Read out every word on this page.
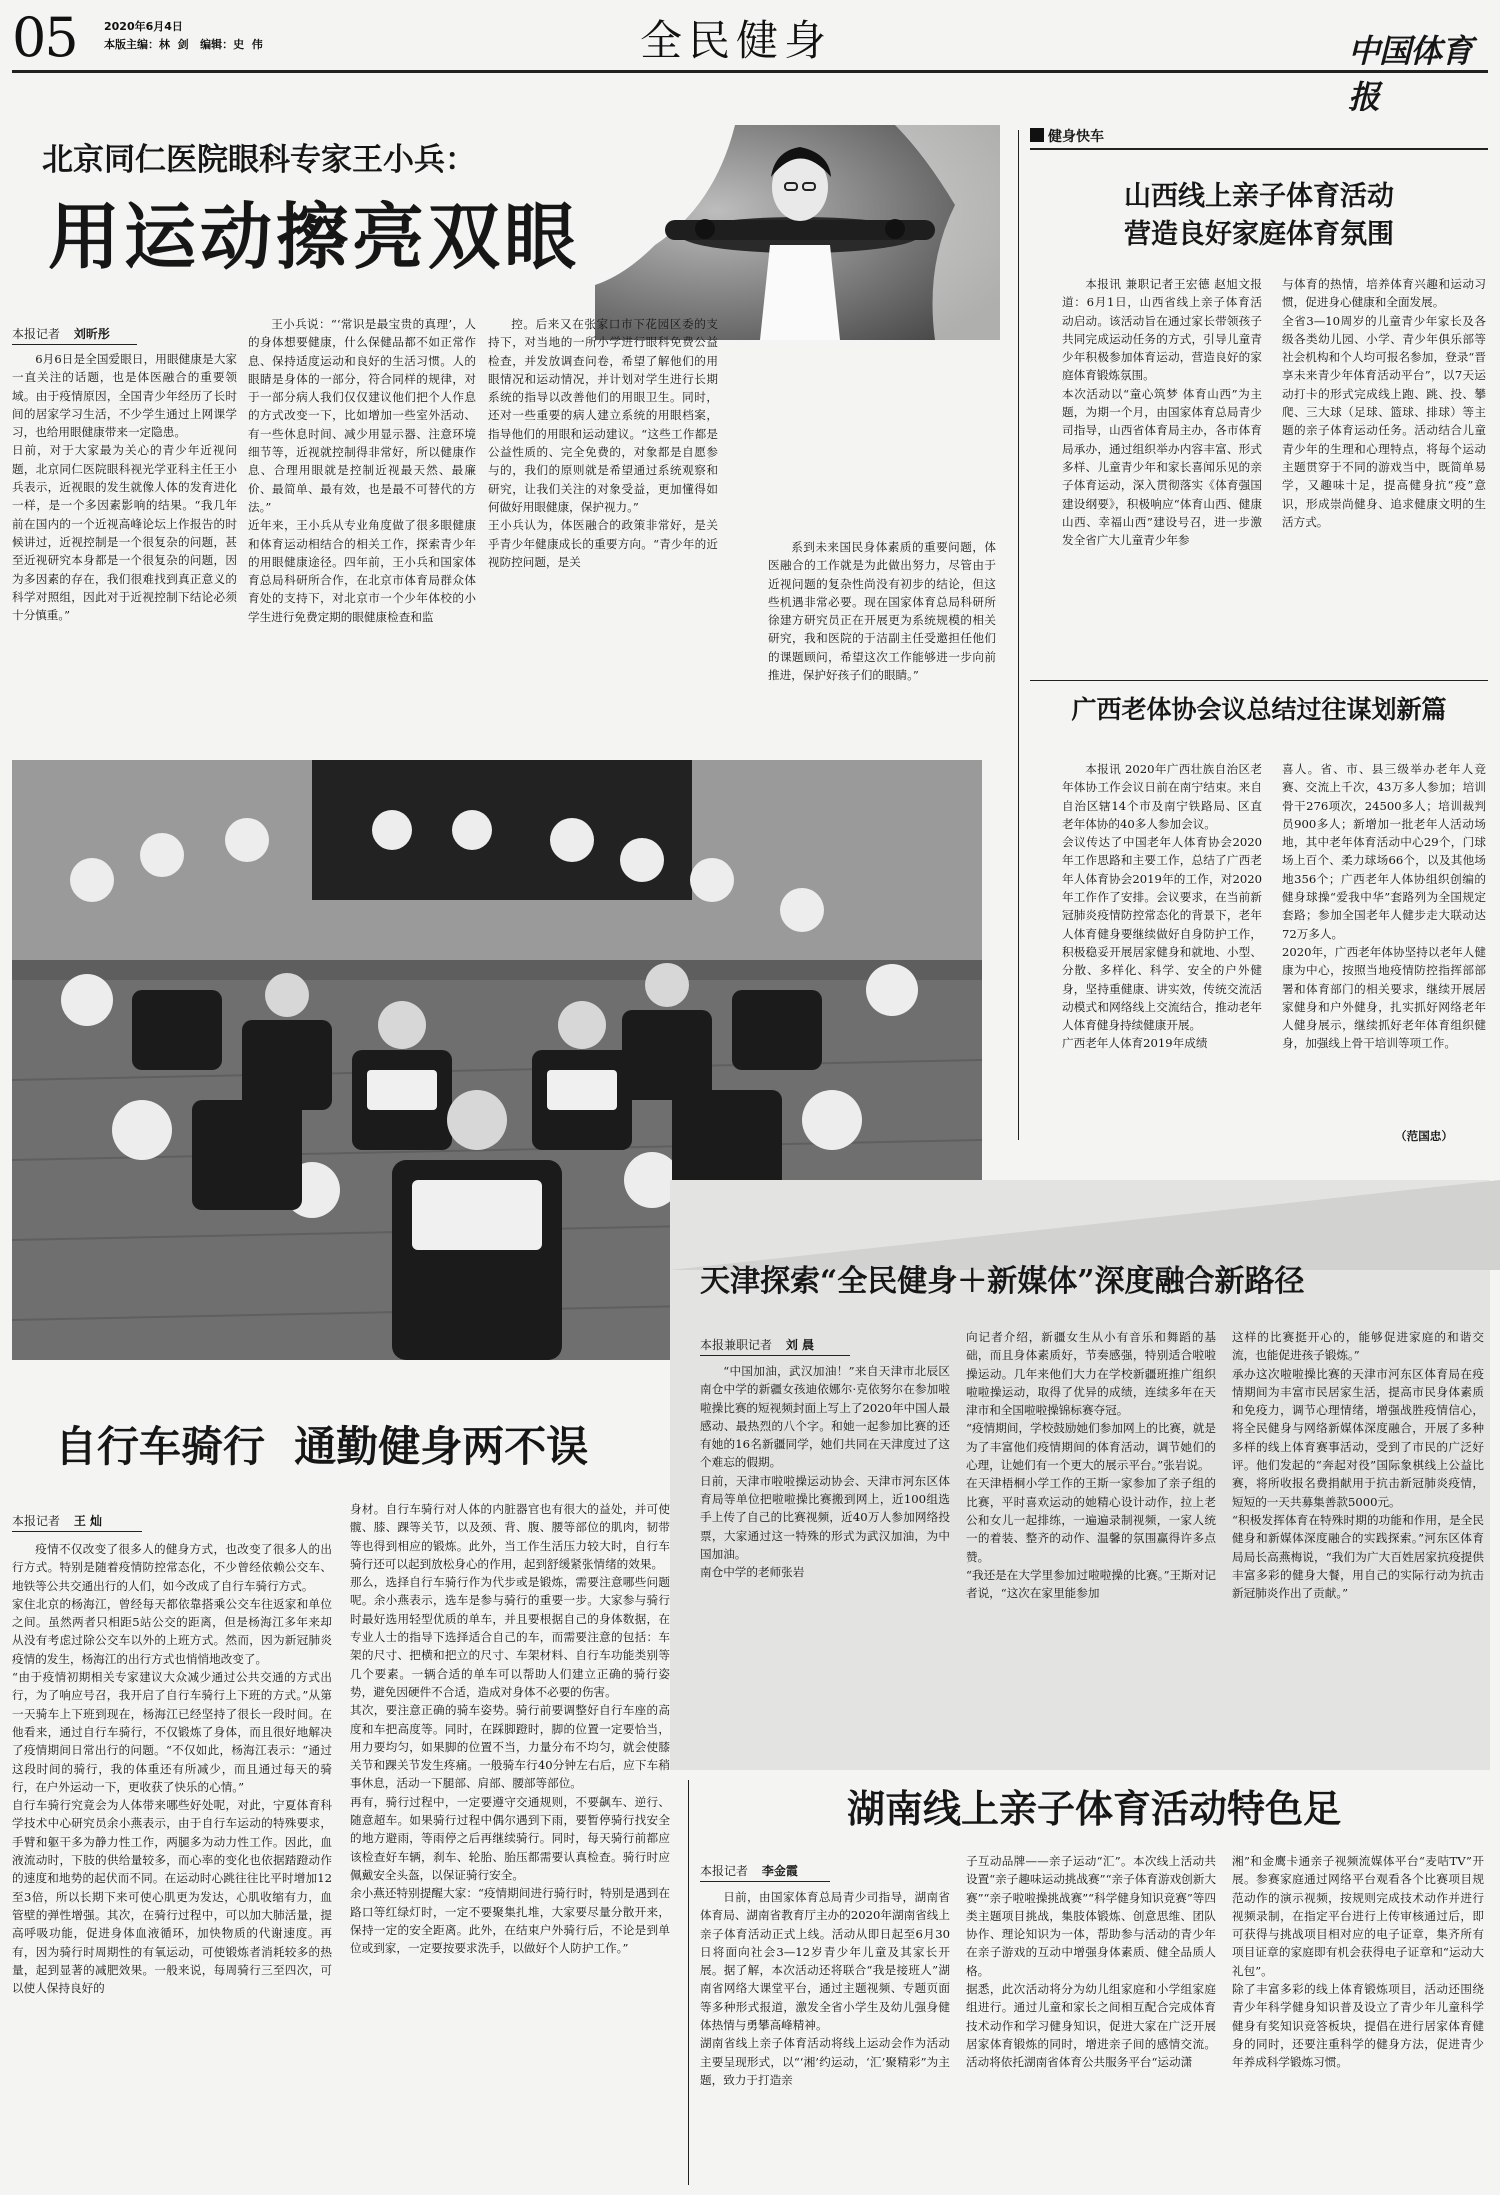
05 2020年6月4日
本版主编：林  剑   编辑：史  伟	全民健身	中国体育报
北京同仁医院眼科专家王小兵：
用运动擦亮双眼
本报记者 刘昕彤
6月6日是全国爱眼日，用眼健康是大家一直关注的话题，也是体医融合的重要领域。由于疫情原因，全国青少年经历了长时间的居家学习生活，不少学生通过上网课学习，也给用眼健康带来一定隐患。
日前，对于大家最为关心的青少年近视问题，北京同仁医院眼科视光学亚科主任王小兵表示，近视眼的发生就像人体的发育进化一样，是一个多因素影响的结果。“我几年前在国内的一个近视高峰论坛上作报告的时候讲过，近视控制是一个很复杂的问题，甚至近视研究本身都是一个很复杂的问题，因为多因素的存在，我们很难找到真正意义的科学对照组，因此对于近视控制下结论必须十分慎重。”
王小兵说：“‘常识是最宝贵的真理’，人的身体想要健康，什么保健品都不如正常作息、保持适度运动和良好的生活习惯。人的眼睛是身体的一部分，符合同样的规律，对于一部分病人我们仅仅建议他们把个人作息的方式改变一下，比如增加一些室外活动、有一些休息时间、减少用显示器、注意环境细节等，近视就控制得非常好，所以健康作息、合理用眼就是控制近视最天然、最廉价、最简单、最有效，也是最不可替代的方法。”
近年来，王小兵从专业角度做了很多眼健康和体育运动相结合的相关工作，探索青少年的用眼健康途径。四年前，王小兵和国家体育总局科研所合作，在北京市体育局群众体育处的支持下，对北京市一个少年体校的小学生进行免费定期的眼健康检查和监
控。后来又在张家口市下花园区委的支持下，对当地的一所小学进行眼科免费公益检查，并发放调查问卷，希望了解他们的用眼情况和运动情况，并计划对学生进行长期系统的指导以改善他们的用眼卫生。同时，还对一些重要的病人建立系统的用眼档案，指导他们的用眼和运动建议。“这些工作都是公益性质的、完全免费的，对象都是自愿参与的，我们的原则就是希望通过系统观察和研究，让我们关注的对象受益，更加懂得如何做好用眼健康，保护视力。”
王小兵认为，体医融合的政策非常好，是关乎青少年健康成长的重要方向。“青少年的近视防控问题，是关
系到未来国民身体素质的重要问题，体医融合的工作就是为此做出努力，尽管由于近视问题的复杂性尚没有初步的结论，但这些机遇非常必要。现在国家体育总局科研所徐建方研究员正在开展更为系统规模的相关研究，我和医院的于洁副主任受邀担任他们的课题顾问，希望这次工作能够进一步向前推进，保护好孩子们的眼睛。”
健身快车
山西线上亲子体育活动
营造良好家庭体育氛围
本报讯 兼职记者王宏德 赵旭文报道：6月1日，山西省线上亲子体育活动启动。该活动旨在通过家长带领孩子共同完成运动任务的方式，引导儿童青少年积极参加体育运动，营造良好的家庭体育锻炼氛围。
本次活动以“童心筑梦 体育山西”为主题，为期一个月，由国家体育总局青少司指导，山西省体育局主办，各市体育局承办，通过组织举办内容丰富、形式多样、儿童青少年和家长喜闻乐见的亲子体育运动，深入贯彻落实《体育强国建设纲要》，积极响应“体育山西、健康山西、幸福山西”建设号召，进一步激发全省广大儿童青少年参
与体育的热情，培养体育兴趣和运动习惯，促进身心健康和全面发展。
全省3—10周岁的儿童青少年家长及各级各类幼儿园、小学、青少年俱乐部等社会机构和个人均可报名参加，登录“晋享未来青少年体育活动平台”，以7天运动打卡的形式完成线上跑、跳、投、攀爬、三大球（足球、篮球、排球）等主题的亲子体育运动任务。活动结合儿童青少年的生理和心理特点，将每个运动主题贯穿于不同的游戏当中，既简单易学，又趣味十足，提高健身抗“疫”意识，形成崇尚健身、追求健康文明的生活方式。
广西老体协会议总结过往谋划新篇
本报讯 2020年广西壮族自治区老年体协工作会议日前在南宁结束。来自自治区辖14个市及南宁铁路局、区直老年体协的40多人参加会议。
会议传达了中国老年人体育协会2020年工作思路和主要工作，总结了广西老年人体育协会2019年的工作，对2020年工作作了安排。会议要求，在当前新冠肺炎疫情防控常态化的背景下，老年人体育健身要继续做好自身防护工作，积极稳妥开展居家健身和就地、小型、分散、多样化、科学、安全的户外健身，坚持重健康、讲实效，传统交流活动模式和网络线上交流结合，推动老年人体育健身持续健康开展。
广西老年人体育2019年成绩
喜人。省、市、县三级举办老年人竞赛、交流上千次，43万多人参加；培训骨干276项次，24500多人；培训裁判员900多人；新增加一批老年人活动场地，其中老年体育活动中心29个，门球场上百个、柔力球场66个，以及其他场地356个；广西老年人体协组织创编的健身球操“爱我中华”套路列为全国规定套路；参加全国老年人健步走大联动达72万多人。
2020年，广西老年体协坚持以老年人健康为中心，按照当地疫情防控指挥部部署和体育部门的相关要求，继续开展居家健身和户外健身，扎实抓好网络老年人健身展示，继续抓好老年体育组织健身，加强线上骨干培训等项工作。
（范国忠）
天津探索“全民健身＋新媒体”深度融合新路径
本报兼职记者 刘 晨
“中国加油，武汉加油！”来自天津市北辰区南仓中学的新疆女孩迪依娜尔·克依努尔在参加啦啦操比赛的短视频封面上写上了2020年中国人最感动、最热烈的八个字。和她一起参加比赛的还有她的16名新疆同学，她们共同在天津度过了这个难忘的假期。
日前，天津市啦啦操运动协会、天津市河东区体育局等单位把啦啦操比赛搬到网上，近100组选手上传了自己的比赛视频，近40万人参加网络投票，大家通过这一特殊的形式为武汉加油，为中国加油。
南仓中学的老师张岩
向记者介绍，新疆女生从小有音乐和舞蹈的基础，而且身体素质好，节奏感强，特别适合啦啦操运动。几年来他们大力在学校新疆班推广组织啦啦操运动，取得了优异的成绩，连续多年在天津市和全国啦啦操锦标赛夺冠。
“疫情期间，学校鼓励她们参加网上的比赛，就是为了丰富他们疫情期间的体育活动，调节她们的心理，让她们有一个更大的展示平台。”张岩说。
在天津梧桐小学工作的王斯一家参加了亲子组的比赛，平时喜欢运动的她精心设计动作，拉上老公和女儿一起排练，一遍遍录制视频，一家人统一的着装、整齐的动作、温馨的氛围赢得许多点赞。
“我还是在大学里参加过啦啦操的比赛。”王斯对记者说，“这次在家里能参加
这样的比赛挺开心的，能够促进家庭的和谐交流，也能促进孩子锻炼。”
承办这次啦啦操比赛的天津市河东区体育局在疫情期间为丰富市民居家生活，提高市民身体素质和免疫力，调节心理情绪，增强战胜疫情信心，将全民健身与网络新媒体深度融合，开展了多种多样的线上体育赛事活动，受到了市民的广泛好评。他们发起的“奔起对役”国际象棋线上公益比赛，将所收报名费捐献用于抗击新冠肺炎疫情，短短的一天共募集善款5000元。
“积极发挥体育在特殊时期的功能和作用，是全民健身和新媒体深度融合的实践探索。”河东区体育局局长高燕梅说，“我们为广大百姓居家抗疫提供丰富多彩的健身大餐，用自己的实际行动为抗击新冠肺炎作出了贡献。”
自行车骑行  通勤健身两不误
本报记者 王 灿
疫情不仅改变了很多人的健身方式，也改变了很多人的出行方式。特别是随着疫情防控常态化，不少曾经依赖公交车、地铁等公共交通出行的人们，如今改成了自行车骑行方式。
家住北京的杨海江，曾经每天都依靠搭乘公交车往返家和单位之间。虽然两者只相距5站公交的距离，但是杨海江多年来却从没有考虑过除公交车以外的上班方式。然而，因为新冠肺炎疫情的发生，杨海江的出行方式也悄悄地改变了。
“由于疫情初期相关专家建议大众减少通过公共交通的方式出行，为了响应号召，我开启了自行车骑行上下班的方式。”从第一天骑车上下班到现在，杨海江已经坚持了很长一段时间。在他看来，通过自行车骑行，不仅锻炼了身体，而且很好地解决了疫情期间日常出行的问题。“不仅如此，杨海江表示：“通过这段时间的骑行，我的体重还有所减少，而且通过每天的骑行，在户外运动一下，更收获了快乐的心情。”
自行车骑行究竟会为人体带来哪些好处呢，对此，宁夏体育科学技术中心研究员余小燕表示，由于自行车运动的特殊要求，手臂和躯干多为静力性工作，两腿多为动力性工作。因此，血液流动时，下肢的供给量较多，而心率的变化也依据踏蹬动作的速度和地势的起伏而不同。在运动时心跳往往比平时增加12至3倍，所以长期下来可使心肌更为发达，心肌收缩有力，血管壁的弹性增强。其次，在骑行过程中，可以加大肺活量，提高呼吸功能，促进身体血液循环，加快物质的代谢速度。再有，因为骑行时周期性的有氧运动，可使锻炼者消耗较多的热量，起到显著的减肥效果。一般来说，每周骑行三至四次，可以使人保持良好的
身材。自行车骑行对人体的内脏器官也有很大的益处，并可使髋、膝、踝等关节，以及颈、背、腹、腰等部位的肌肉，韧带等也得到相应的锻炼。此外，当工作生活压力较大时，自行车骑行还可以起到放松身心的作用，起到舒缓紧张情绪的效果。
那么，选择自行车骑行作为代步或是锻炼，需要注意哪些问题呢。余小燕表示，选车是参与骑行的重要一步。大家参与骑行时最好选用轻型优质的单车，并且要根据自己的身体数据，在专业人士的指导下选择适合自己的车，而需要注意的包括：车架的尺寸、把横和把立的尺寸、车架材料、自行车功能类别等几个要素。一辆合适的单车可以帮助人们建立正确的骑行姿势，避免因硬件不合适，造成对身体不必要的伤害。
其次，要注意正确的骑车姿势。骑行前要调整好自行车座的高度和车把高度等。同时，在踩脚蹬时，脚的位置一定要恰当，用力要均匀，如果脚的位置不当，力量分布不均匀，就会使膝关节和踝关节发生疼痛。一般骑车行40分钟左右后，应下车稍事休息，活动一下腿部、肩部、腰部等部位。
再有，骑行过程中，一定要遵守交通规则，不要飙车、逆行、随意超车。如果骑行过程中偶尔遇到下雨，要暂停骑行找安全的地方避雨，等雨停之后再继续骑行。同时，每天骑行前都应该检查好车辆，刹车、轮胎、胎压都需要认真检查。骑行时应佩戴安全头盔，以保证骑行安全。
余小燕还特别提醒大家：“疫情期间进行骑行时，特别是遇到在路口等红绿灯时，一定不要聚集扎堆，大家要尽量分散开来，保持一定的安全距离。此外，在结束户外骑行后，不论是到单位或到家，一定要按要求洗手，以做好个人防护工作。”
湖南线上亲子体育活动特色足
本报记者 李金霞
日前，由国家体育总局青少司指导，湖南省体育局、湖南省教育厅主办的2020年湖南省线上亲子体育活动正式上线。活动从即日起至6月30日将面向社会3—12岁青少年儿童及其家长开展。据了解，本次活动还将联合“我是接班人”湖南省网络大课堂平台，通过主题视频、专题页面等多种形式报道，激发全省小学生及幼儿强身健体热情与勇攀高峰精神。
湖南省线上亲子体育活动将线上运动会作为活动主要呈现形式，以“‘湘’约运动，‘汇’聚精彩”为主题，致力于打造亲
子互动品牌——亲子运动“汇”。本次线上活动共设置“亲子趣味运动挑战赛”“亲子体育游戏创新大赛”“亲子啦啦操挑战赛”“科学健身知识竞赛”等四类主题项目挑战，集肢体锻炼、创意思维、团队协作、理论知识为一体，帮助参与活动的青少年在亲子游戏的互动中增强身体素质、健全品质人格。
据悉，此次活动将分为幼儿组家庭和小学组家庭组进行。通过儿童和家长之间相互配合完成体育技术动作和学习健身知识，促进大家在广泛开展居家体育锻炼的同时，增进亲子间的感情交流。活动将依托湖南省体育公共服务平台“运动潇
湘”和金鹰卡通亲子视频流媒体平台“麦咭TV”开展。参赛家庭通过网络平台观看各个比赛项目规范动作的演示视频，按规则完成技术动作并进行视频录制，在指定平台进行上传审核通过后，即可获得与挑战项目相对应的电子证章，集齐所有项目证章的家庭即有机会获得电子证章和“运动大礼包”。
除了丰富多彩的线上体育锻炼项目，活动还围绕青少年科学健身知识普及设立了青少年儿童科学健身有奖知识竞答板块，提倡在进行居家体育健身的同时，还要注重科学的健身方法，促进青少年养成科学锻炼习惯。
